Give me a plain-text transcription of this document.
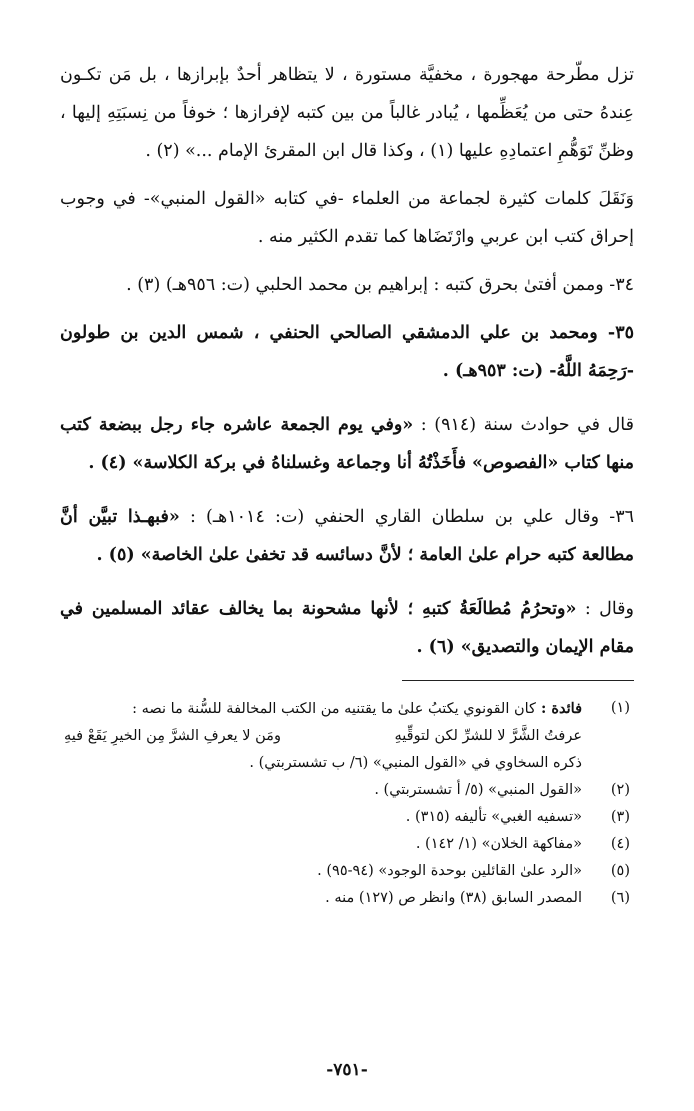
تزل مطّرحة مهجورة ، مخفيَّة مستورة ، لا يتظاهر أحدٌ بإبرازها ، بل مَن تكـون عِندهُ حتى من يُعَظِّمها ، يُبادر غالباً من بين كتبه لإفرازها ؛ خوفاً من نِسبَتِهِ إليها ، وظنِّ تَوَهُّمِ اعتمادِهِ عليها (١) ، وكذا قال ابن المقرئ الإمام ...» (٢) .

وَنَقَلَ كلمات كثيرة لجماعة من العلماء -في كتابه «القول المنبي»- في وجوب إحراق كتب ابن عربي وارْتَضَاها كما تقدم الكثير منه .

٣٤- وممن أفتىٰ بحرق كتبه : إبراهيم بن محمد الحلبي (ت: ٩٥٦هـ) (٣) .

٣٥- ومحمد بن علي الدمشقي الصالحي الحنفي ، شمس الدين بن طولون -رَحِمَهُ اللَّهُ- (ت: ٩٥٣هـ) .

قال في حوادث سنة (٩١٤) : «وفي يوم الجمعة عاشره جاء رجل ببضعة كتب منها كتاب «الفصوص» فأَخَذْتُهُ أنا وجماعة وغسلناهُ في بركة الكلاسة» (٤) .

٣٦- وقال علي بن سلطان القاري الحنفي (ت: ١٠١٤هـ) : «فبهـذا تبيَّن أنَّ مطالعة كتبه حرام علىٰ العامة ؛ لأنَّ دسائسه قد تخفىٰ علىٰ الخاصة» (٥) .

وقال : «وتحرُمُ مُطالَعَةُ كتبهِ ؛ لأنها مشحونة بما يخالف عقائد المسلمين في مقام الإيمان والتصديق» (٦) .

(١)
فائدة : كان القونوي يكتبُ علىٰ ما يقتنيه من الكتب المخالفة للسُّنة ما نصه :
عرفتُ الشَّرَّ لا للشرِّ لكن لتوقِّيهِ
ومَن لا يعرفِ الشرَّ مِن الخيرِ يَقَعْ فيهِ
ذكره السخاوي في «القول المنبي» (٦/ ب تشستربتي) .
(٢)
«القول المنبي» (٥/ أ تشستربتي) .
(٣)
«تسفيه الغبي» تأليفه (٣١٥) .
(٤)
«مفاكهة الخلان» (١/ ١٤٢) .
(٥)
«الرد علىٰ القائلين بوحدة الوجود» (٩٤-٩٥) .
(٦)
المصدر السابق (٣٨) وانظر ص (١٢٧) منه .
-٧٥١-
